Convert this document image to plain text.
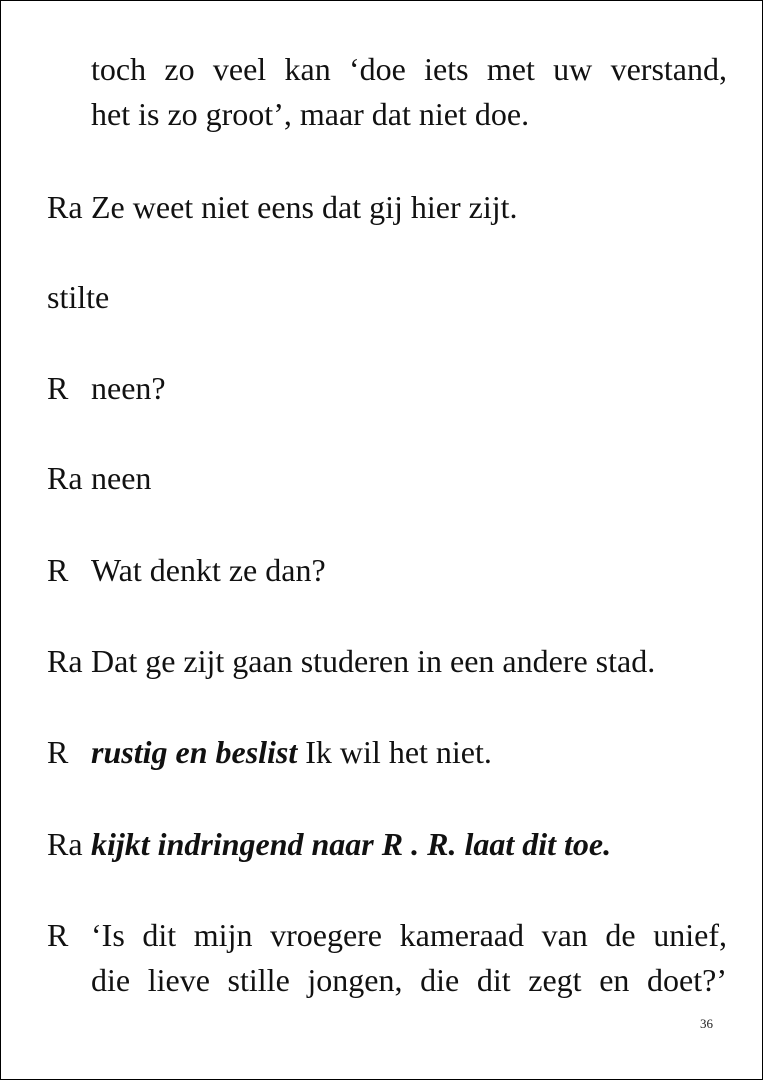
toch zo veel kan ‘doe iets met uw verstand,
het is zo groot’, maar dat niet doe.
Ra Ze weet niet eens dat gij hier zijt.
stilte
R neen?
Ra neen
R Wat denkt ze dan?
Ra Dat ge zijt gaan studeren in een andere stad.
R rustig en beslist Ik wil het niet.
Ra kijkt indringend naar R . R. laat dit toe.
R ‘Is dit mijn vroegere kameraad van de unief,
die lieve stille jongen, die dit zegt en doet?’
36
